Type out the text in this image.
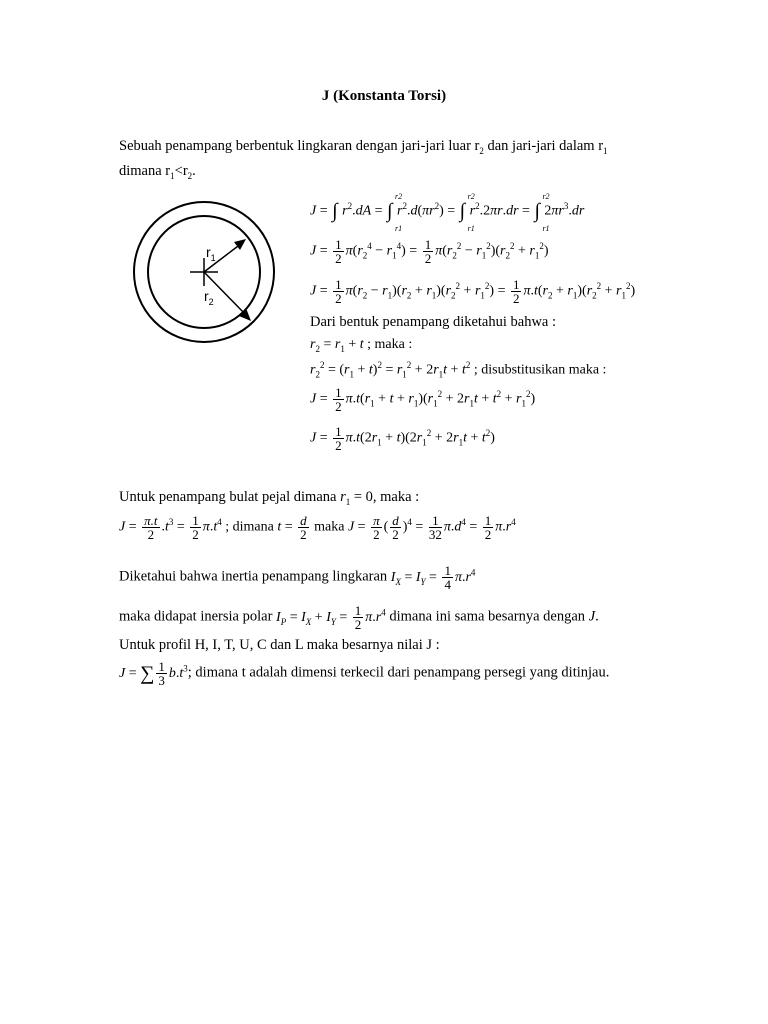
J (Konstanta Torsi)
Sebuah penampang berbentuk lingkaran dengan jari-jari luar $r_2$ dan jari-jari dalam $r_1$
dimana $r_1<r_2$.
$r_1$
$r_2$
J = ∫ $r^2.dA$ = ∫
r2
r1
$r^2.d(\pi r^2)$ = ∫
r2
r1
$r^2.2\pi r.dr$ = ∫
r2
r1
$2\pi r^3.dr$
$J = \frac{1}{2} \pi(r_2^4 - r_1^4) = \frac{1}{2} \pi(r_2^2 - r_1^2)(r_2^2 + r_1^2)$
$J = \frac{1}{2} \pi(r_2 - r_1)(r_2 + r_1)(r_2^2 + r_1^2) = \frac{1}{2} \pi.t(r_2 + r_1)(r_2^2 + r_1^2)$
Dari bentuk penampang diketahui bahwa :
$r_2 = r_1 + t$ ; maka :
$r_2^2 = (r_1 + t)^2 = r_1^2 + 2r_1t + t^2$ ; disubstitusikan maka :
$J = \frac{1}{2} \pi.t(r_1 + t + r_1)(r_1^2 + 2r_1t + t^2 + r_1^2)$
$J = \frac{1}{2} \pi.t(2r_1 + t)(2r_1^2 + 2r_1t + t^2)$
Untuk penampang bulat pejal dimana $r_1 = 0$, maka :
$J = \frac{\pi.t}{2} .t^3 = \frac{1}{2} \pi.t^4$ ; dimana $t = \frac{d}{2}$ maka $J = \frac{\pi}{2}$ ( $\frac{d}{2} )^4 = \frac{1}{32} \pi.d^4 = \frac{1}{2} \pi.r^4$
Diketahui bahwa inertia penampang lingkaran $I_X = I_Y = \frac{1}{4} \pi.r^4$
maka didapat inersia polar $I_P = I_X + I_Y = \frac{1}{2} \pi.r^4$ dimana ini sama besarnya dengan J.
Untuk profil H, I, T, U, C dan L maka besarnya nilai J :
J = ∑ $\frac{1}{3} b.t^3$; dimana t adalah dimensi terkecil dari penampang persegi yang ditinjau.
